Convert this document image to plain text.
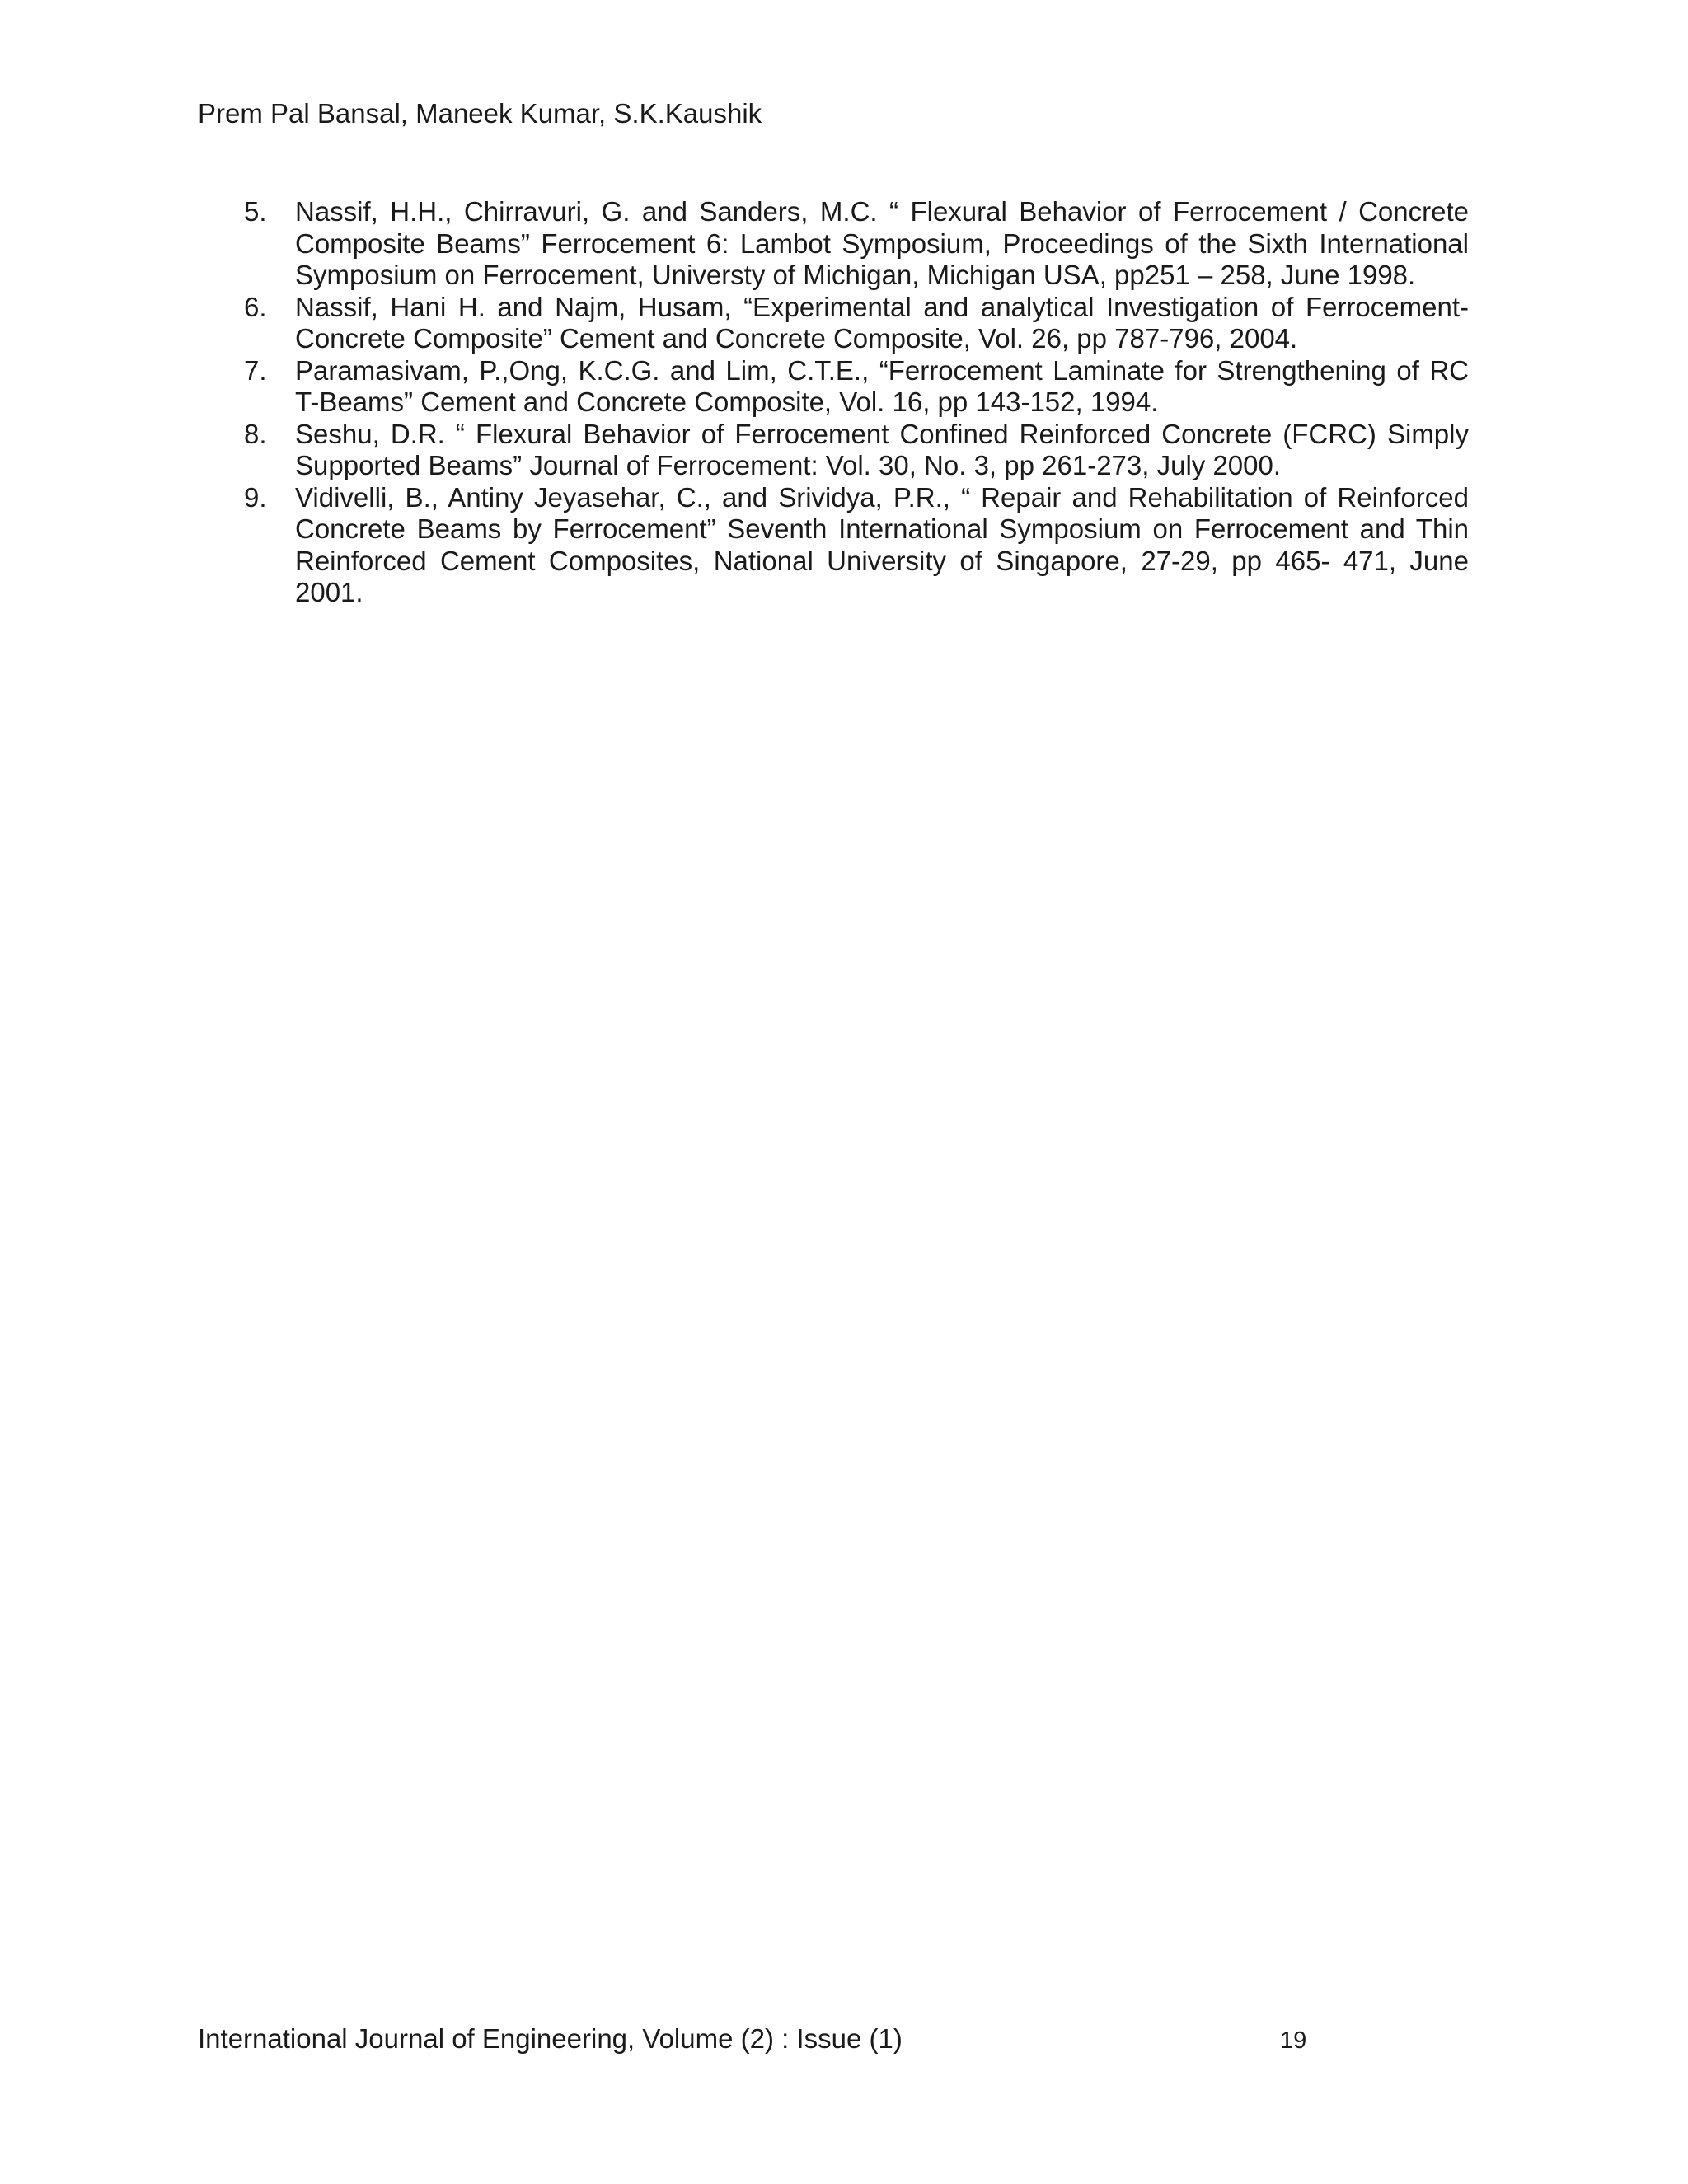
Prem Pal Bansal, Maneek Kumar, S.K.Kaushik
5. Nassif, H.H., Chirravuri, G. and Sanders, M.C. “ Flexural Behavior of Ferrocement / Concrete Composite Beams” Ferrocement 6: Lambot Symposium, Proceedings of the Sixth International Symposium on Ferrocement, Universty of Michigan, Michigan USA, pp251 – 258, June 1998.
6. Nassif, Hani H. and Najm, Husam, “Experimental and analytical Investigation of Ferrocement-Concrete Composite” Cement and Concrete Composite, Vol. 26, pp 787-796, 2004.
7. Paramasivam, P.,Ong, K.C.G. and Lim, C.T.E., “Ferrocement Laminate for Strengthening of RC T-Beams” Cement and Concrete Composite, Vol. 16, pp 143-152, 1994.
8. Seshu, D.R. “ Flexural Behavior of Ferrocement Confined Reinforced Concrete (FCRC) Simply Supported Beams” Journal of Ferrocement: Vol. 30, No. 3, pp 261-273, July 2000.
9. Vidivelli, B., Antiny Jeyasehar, C., and Srividya, P.R., “ Repair and Rehabilitation of Reinforced Concrete Beams by Ferrocement” Seventh International Symposium on Ferrocement and Thin Reinforced Cement Composites, National University of Singapore, 27-29, pp 465- 471, June 2001.
International Journal of Engineering, Volume (2) : Issue (1)	19
